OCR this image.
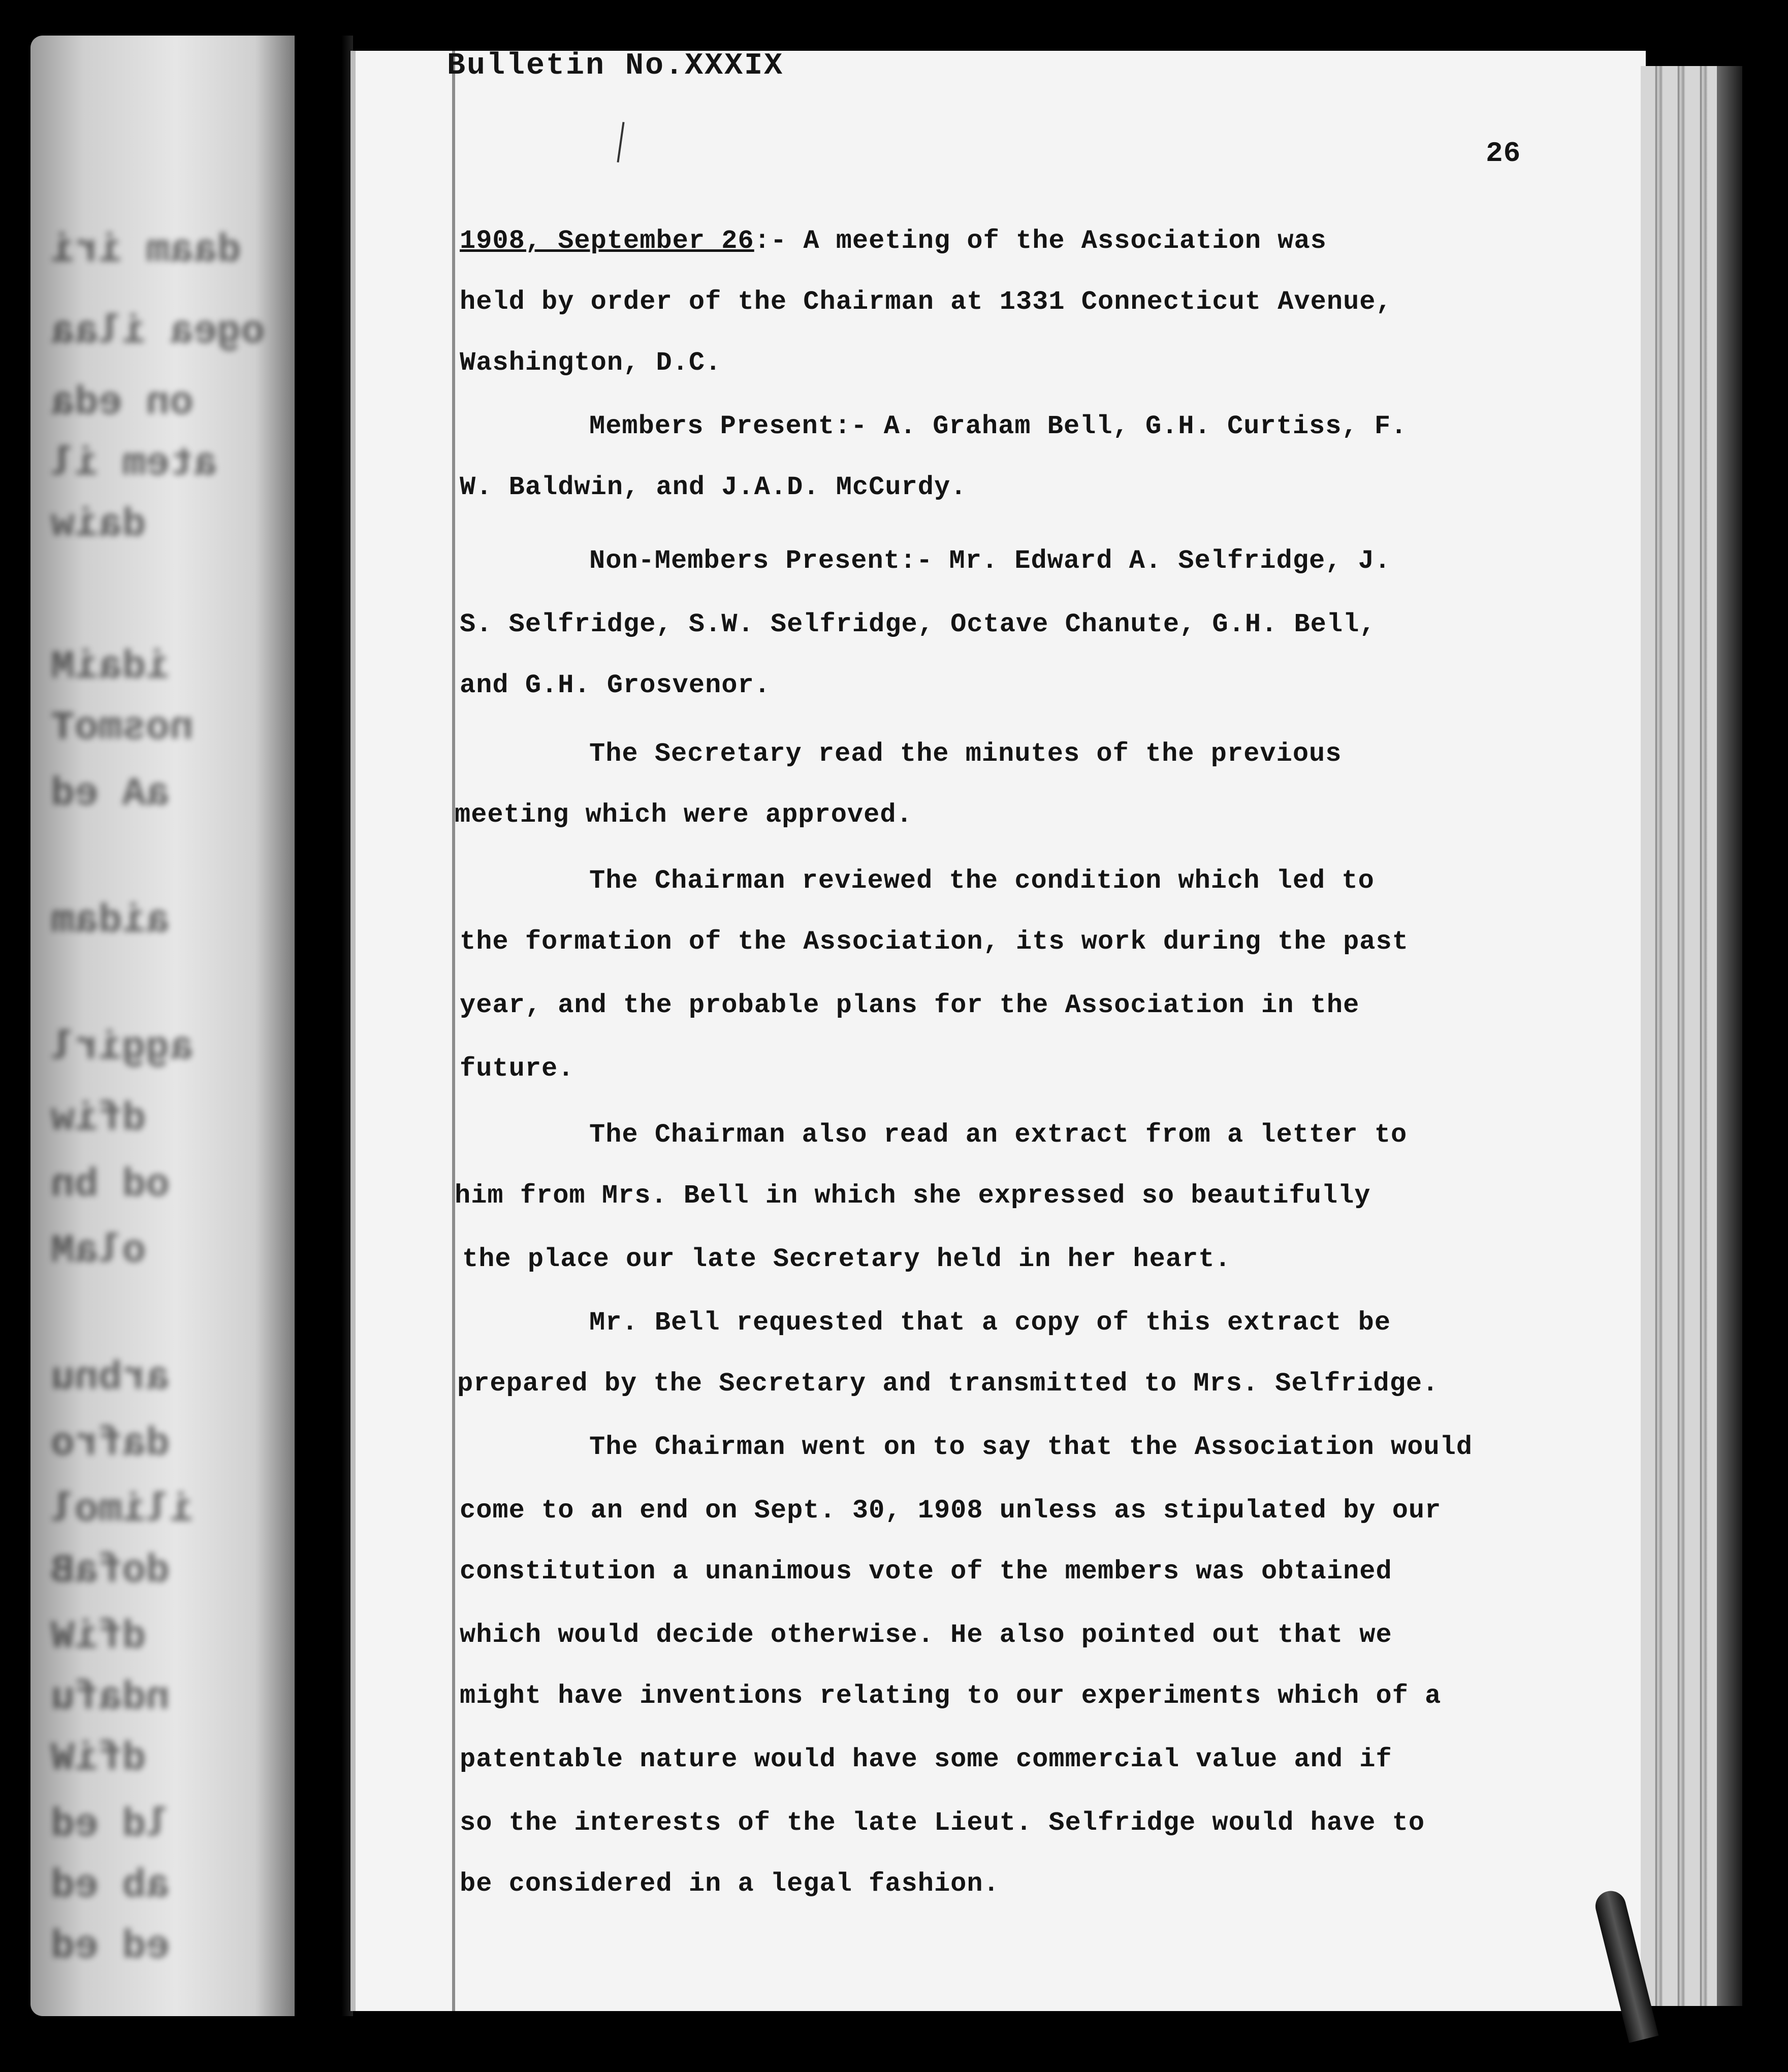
daam iri
ogea ilaa
on eda
atem il
daiw
idaiM
nosmoT
aA ed
aidam
aggirl
dfiw
od bn
olaM
arbnu
dafro
ilimol
dofaB
dfiW
ndafu
dfiW
ld ed
ab ed
ed ed
Bulletin No.XXXIX
26
1908, September 26:- A meeting of the Association was
held by order of the Chairman at 1331 Connecticut Avenue,
Washington, D.C.
Members Present:- A. Graham Bell, G.H. Curtiss, F.
W. Baldwin, and J.A.D. McCurdy.
Non-Members Present:- Mr. Edward A. Selfridge, J.
S. Selfridge, S.W. Selfridge, Octave Chanute, G.H. Bell,
and G.H. Grosvenor.
The Secretary read the minutes of the previous
meeting which were approved.
The Chairman reviewed the condition which led to
the formation of the Association, its work during the past
year, and the probable plans for the Association in the
future.
The Chairman also read an extract from a letter to
him from Mrs. Bell in which she expressed so beautifully
the place our late Secretary held in her heart.
Mr. Bell requested that a copy of this extract be
prepared by the Secretary and transmitted to Mrs. Selfridge.
The Chairman went on to say that the Association would
come to an end on Sept. 30, 1908 unless as stipulated by our
constitution a unanimous vote of the members was obtained
which would decide otherwise. He also pointed out that we
might have inventions relating to our experiments which of a
patentable nature would have some commercial value and if
so the interests of the late Lieut. Selfridge would have to
be considered in a legal fashion.
